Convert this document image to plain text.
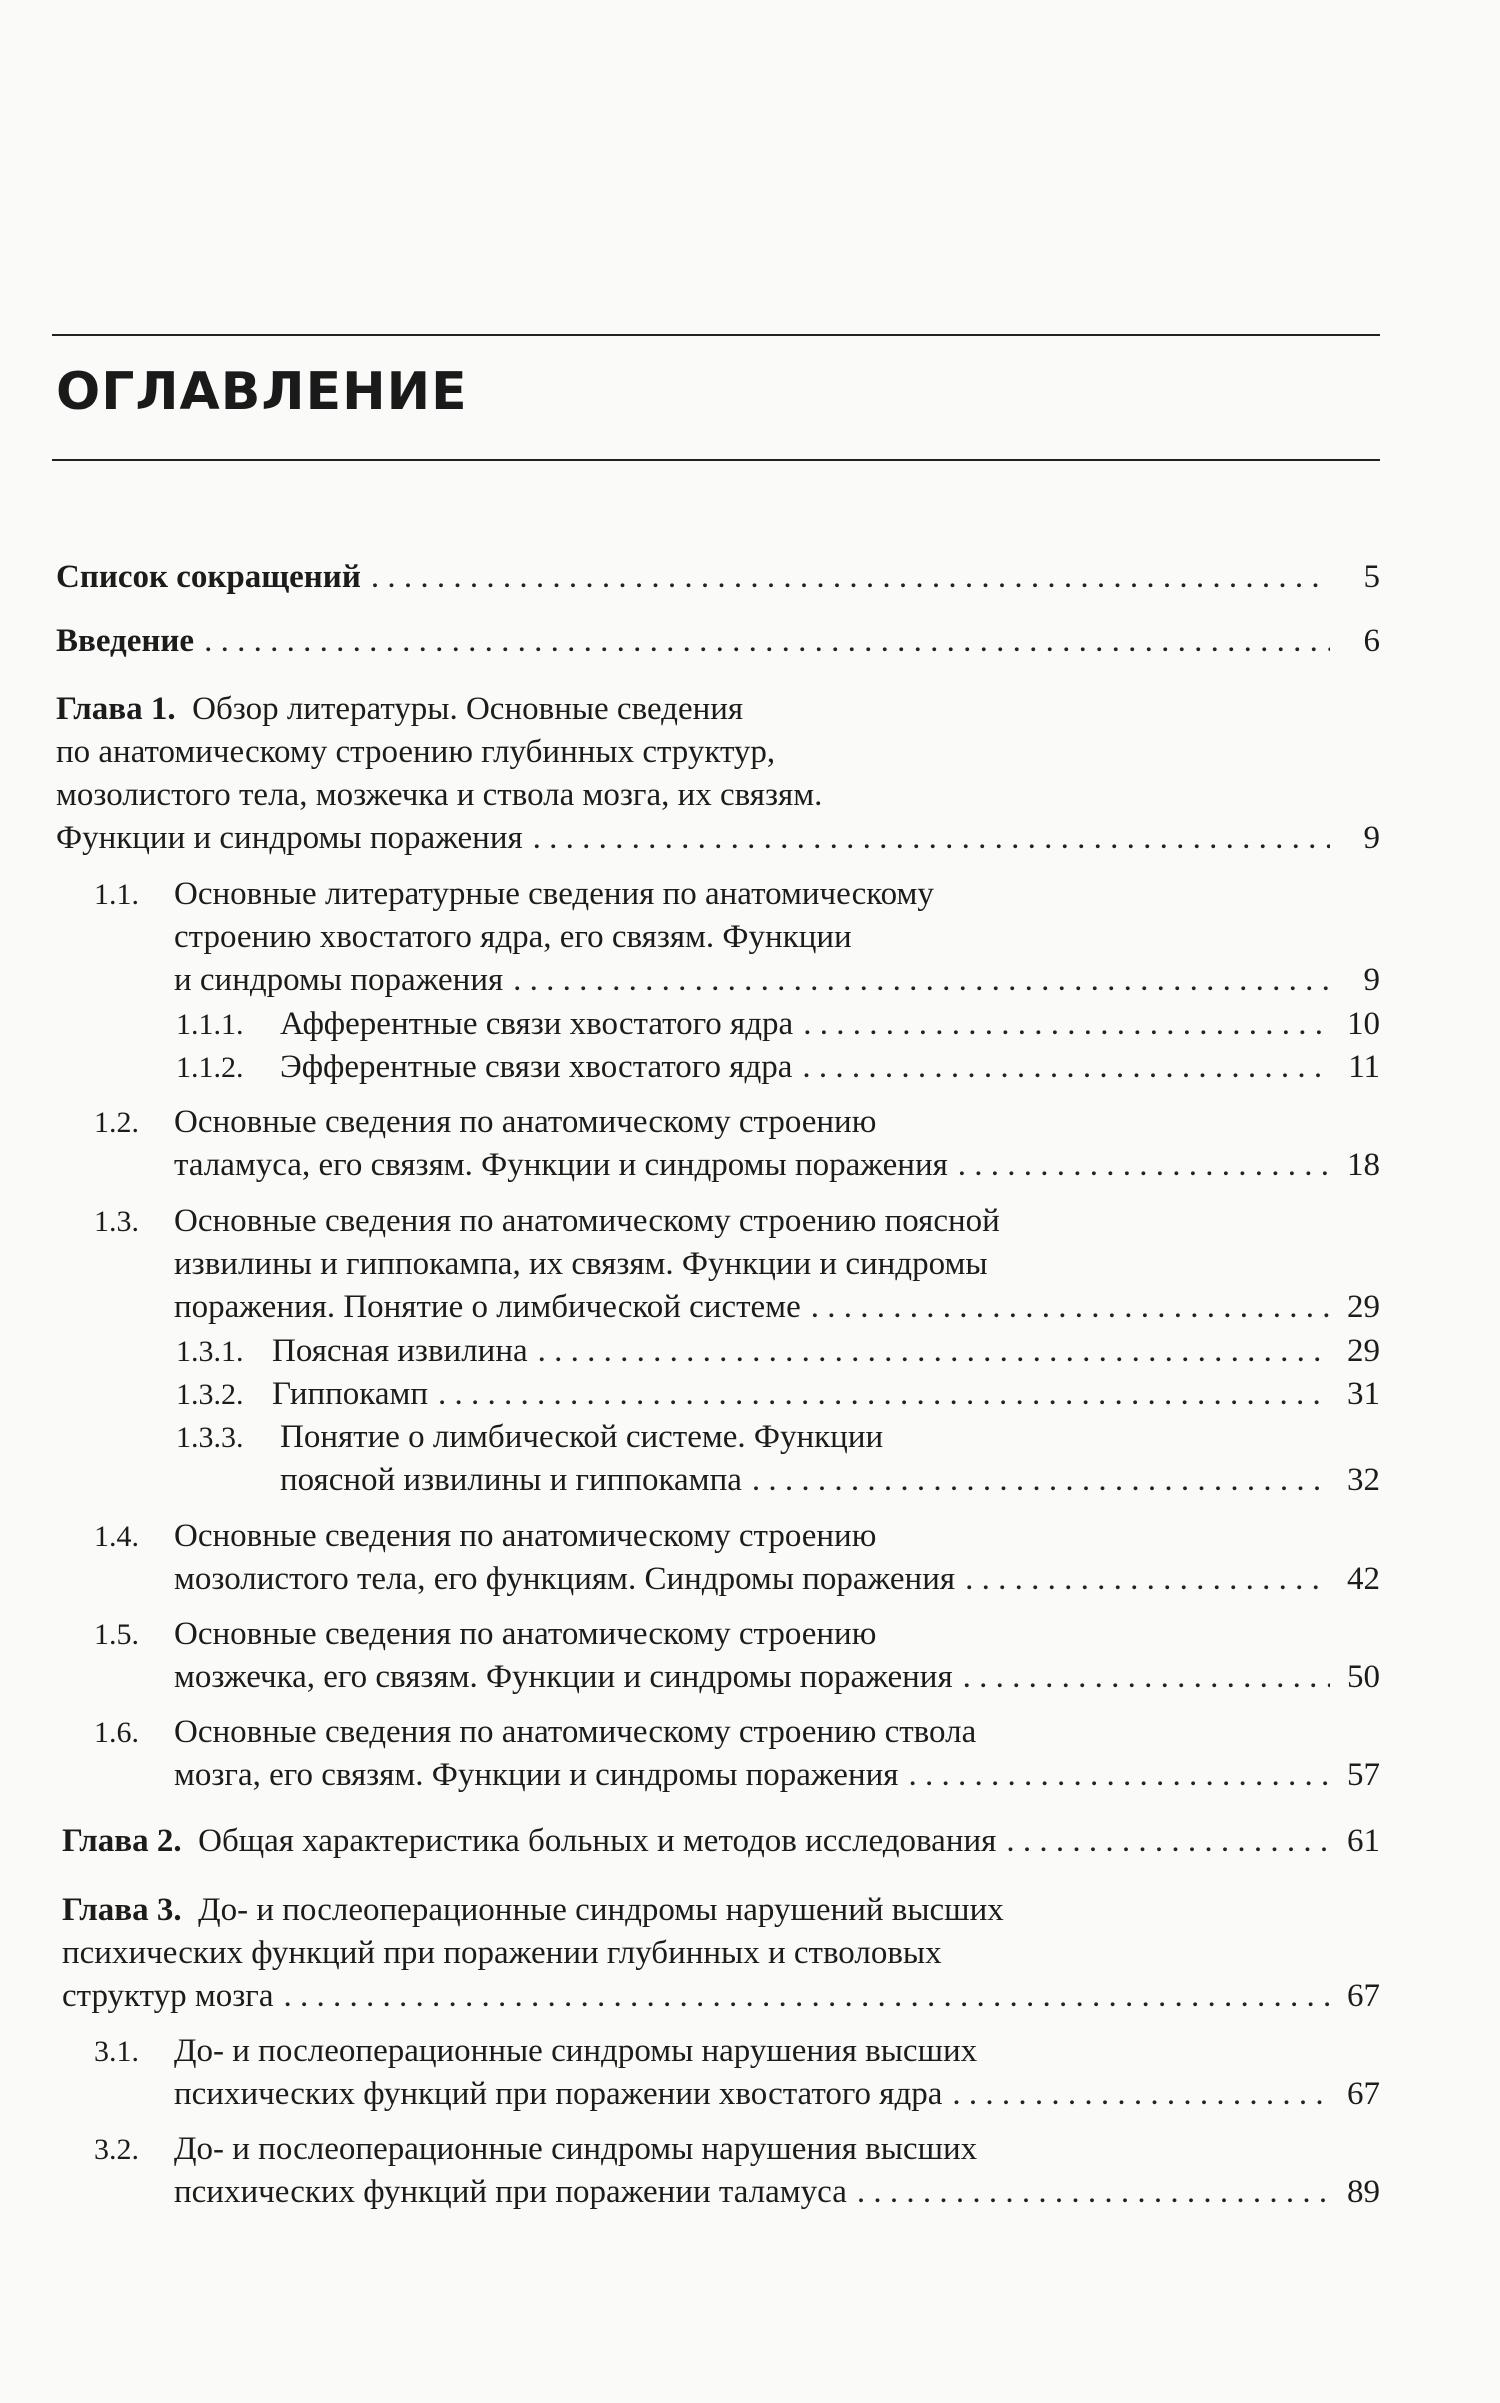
ОГЛАВЛЕНИЕ
Список сокращений . . .	5
Введение . . .	6
Глава 1. Обзор литературы. Основные сведения
по анатомическому строению глубинных структур,
мозолистого тела, мозжечка и ствола мозга, их связям.
Функции и синдромы поражения . . .	9
1.1. Основные литературные сведения по анатомическому
строению хвостатого ядра, его связям. Функции
и синдромы поражения . . .	9
1.1.1.	Афферентные связи хвостатого ядра . . .	10
1.1.2.	Эфферентные связи хвостатого ядра . . .	11
1.2. Основные сведения по анатомическому строению
таламуса, его связям. Функции и синдромы поражения . . .	18
1.3. Основные сведения по анатомическому строению поясной
извилины и гиппокампа, их связям. Функции и синдромы
поражения. Понятие о лимбической системе . . .	29
1.3.1. Поясная извилина . . .	29
1.3.2. Гиппокамп . . .	31
1.3.3. Понятие о лимбической системе. Функции
поясной извилины и гиппокампа . . .	32
1.4. Основные сведения по анатомическому строению
мозолистого тела, его функциям. Синдромы поражения . . .	42
1.5. Основные сведения по анатомическому строению
мозжечка, его связям. Функции и синдромы поражения . . .	50
1.6. Основные сведения по анатомическому строению ствола
мозга, его связям. Функции и синдромы поражения . . .	57
Глава 2.
Общая характеристика больных и методов исследования . . .	61
Глава 3. До- и послеоперационные синдромы нарушений высших
психических функций при поражении глубинных и стволовых
структур мозга . . .	67
3.1. До- и послеоперационные синдромы нарушения высших
психических функций при поражении хвостатого ядра . . .	67
3.2. До- и послеоперационные синдромы нарушения высших
психических функций при поражении таламуса . . .	89
